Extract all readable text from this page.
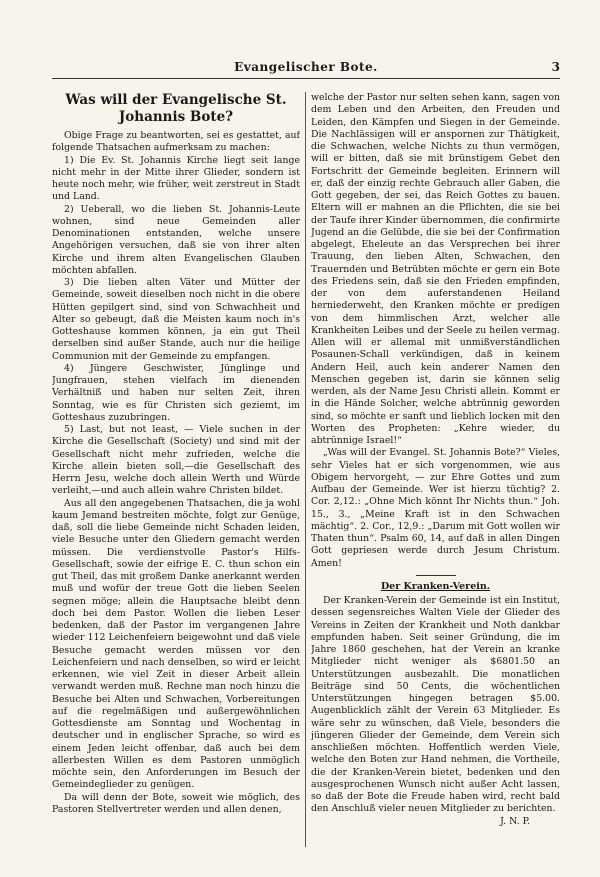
Evangelischer Bote.	3
Was will der Evangelische St. Johannis Bote?

Obige Frage zu beantworten, sei es gestattet, auf folgende Thatsachen aufmerksam zu machen:

1) Die Ev. St. Johannis Kirche liegt seit lange nicht mehr in der Mitte ihrer Glieder, sondern ist heute noch mehr, wie früher, weit zerstreut in Stadt und Land.

2) Ueberall, wo die lieben St. Johannis-Leute wohnen, sind neue Gemeinden aller Denominationen entstanden, welche unsere Angehörigen versuchen, daß sie von ihrer alten Kirche und ihrem alten Evangelischen Glauben möchten abfallen.

3) Die lieben alten Väter und Mütter der Gemeinde, soweit dieselben noch nicht in die obere Hütten gepilgert sind, sind von Schwachheit und Alter so gebeugt, daß die Meisten kaum noch in's Gotteshause kommen können, ja ein gut Theil derselben sind außer Stande, auch nur die heilige Communion mit der Gemeinde zu empfangen.

4) Jüngere Geschwister, Jünglinge und Jungfrauen, stehen vielfach im dienenden Verhältniß und haben nur selten Zeit, ihren Sonntag, wie es für Christen sich geziemt, im Gotteshaus zuzubringen.

5) Last, but not least, — Viele suchen in der Kirche die Gesellschaft (Society) und sind mit der Gesellschaft nicht mehr zufrieden, welche die Kirche allein bieten soll,—die Gesellschaft des Herrn Jesu, welche doch allein Werth und Würde verleiht,—und auch allein wahre Christen bildet.

Aus all den angegebenen Thatsachen, die ja wohl kaum Jemand bestreiten möchte, folgt zur Genüge, daß, soll die liebe Gemeinde nicht Schaden leiden, viele Besuche unter den Gliedern gemacht werden müssen. Die verdienstvolle Pastor's Hilfs-Gesellschaft, sowie der eifrige E. C. thun schon ein gut Theil, das mit großem Danke anerkannt werden muß und wofür der treue Gott die lieben Seelen segnen möge; allein die Hauptsache bleibt denn doch bei dem Pastor. Wollen die lieben Leser bedenken, daß der Pastor im vergangenen Jahre wieder 112 Leichenfeiern beigewohnt und daß viele Besuche gemacht werden müssen vor den Leichenfeiern und nach denselben, so wird er leicht erkennen, wie viel Zeit in dieser Arbeit allein verwandt werden muß. Rechne man noch hinzu die Besuche bei Alten und Schwachen, Vorbereitungen auf die regelmäßigen und außergewöhnlichen Gottesdienste am Sonntag und Wochentag in deutscher und in englischer Sprache, so wird es einem Jeden leicht offenbar, daß auch bei dem allerbesten Willen es dem Pastoren unmöglich möchte sein, den Anforderungen im Besuch der Gemeindeglieder zu genügen.

Da will denn der Bote, soweit wie möglich, des Pastoren Stellvertreter werden und allen denen,

welche der Pastor nur selten sehen kann, sagen von dem Leben und den Arbeiten, den Freuden und Leiden, den Kämpfen und Siegen in der Gemeinde. Die Nachlässigen will er anspornen zur Thätigkeit, die Schwachen, welche Nichts zu thun vermögen, will er bitten, daß sie mit brünstigem Gebet den Fortschritt der Gemeinde begleiten. Erinnern will er, daß der einzig rechte Gebrauch aller Gaben, die Gott gegeben, der sei, das Reich Gottes zu bauen. Eltern will er mahnen an die Pflichten, die sie bei der Taufe ihrer Kinder übernommen, die confirmirte Jugend an die Gelübde, die sie bei der Confirmation abgelegt, Eheleute an das Versprechen bei ihrer Trauung, den lieben Alten, Schwachen, den Trauernden und Betrübten möchte er gern ein Bote des Friedens sein, daß sie den Frieden empfinden, der von dem auferstandenen Heiland herniederweht, den Kranken möchte er predigen von dem himmlischen Arzt, welcher alle Krankheiten Leibes und der Seele zu heilen vermag. Allen will er allemal mit unmißverständlichen Posaunen-Schall verkündigen, daß in keinem Andern Heil, auch kein anderer Namen den Menschen gegeben ist, darin sie können selig werden, als der Name Jesu Christi allein. Kommt er in die Hände Solcher, welche abtrünnig geworden sind, so möchte er sanft und lieblich locken mit den Worten des Propheten: „Kehre wieder, du abtrünnige Israel!“

„Was will der Evangel. St. Johannis Bote?“ Vieles, sehr Vieles hat er sich vorgenommen, wie aus Obigem hervorgeht, — zur Ehre Gottes und zum Aufbau der Gemeinde. Wer ist hierzu tüchtig? 2. Cor. 2,12.: „Ohne Mich könnt Ihr Nichts thun.“ Joh. 15., 3., „Meine Kraft ist in den Schwachen mächtig“. 2. Cor., 12,9.: „Darum mit Gott wollen wir Thaten thun“. Psalm 60, 14, auf daß in allen Dingen Gott gepriesen werde durch Jesum Christum. Amen!

Der Kranken-Verein.

Der Kranken-Verein der Gemeinde ist ein Institut, dessen segensreiches Walten Viele der Glieder des Vereins in Zeiten der Krankheit und Noth dankbar empfunden haben. Seit seiner Gründung, die im Jahre 1860 geschehen, hat der Verein an kranke Mitglieder nicht weniger als $6801.50 an Unterstützungen ausbezahlt. Die monatlichen Beiträge sind 50 Cents, die wöchentlichen Unterstützungen hingegen betragen $5.00. Augenblicklich zählt der Verein 63 Mitglieder. Es wäre sehr zu wünschen, daß Viele, besonders die jüngeren Glieder der Gemeinde, dem Verein sich anschließen möchten. Hoffentlich werden Viele, welche den Boten zur Hand nehmen, die Vortheile, die der Kranken-Verein bietet, bedenken und den ausgesprochenen Wunsch nicht außer Acht lassen, so daß der Bote die Freude haben wird, recht bald den Anschluß vieler neuen Mitglieder zu berichten.

J. N. P.
